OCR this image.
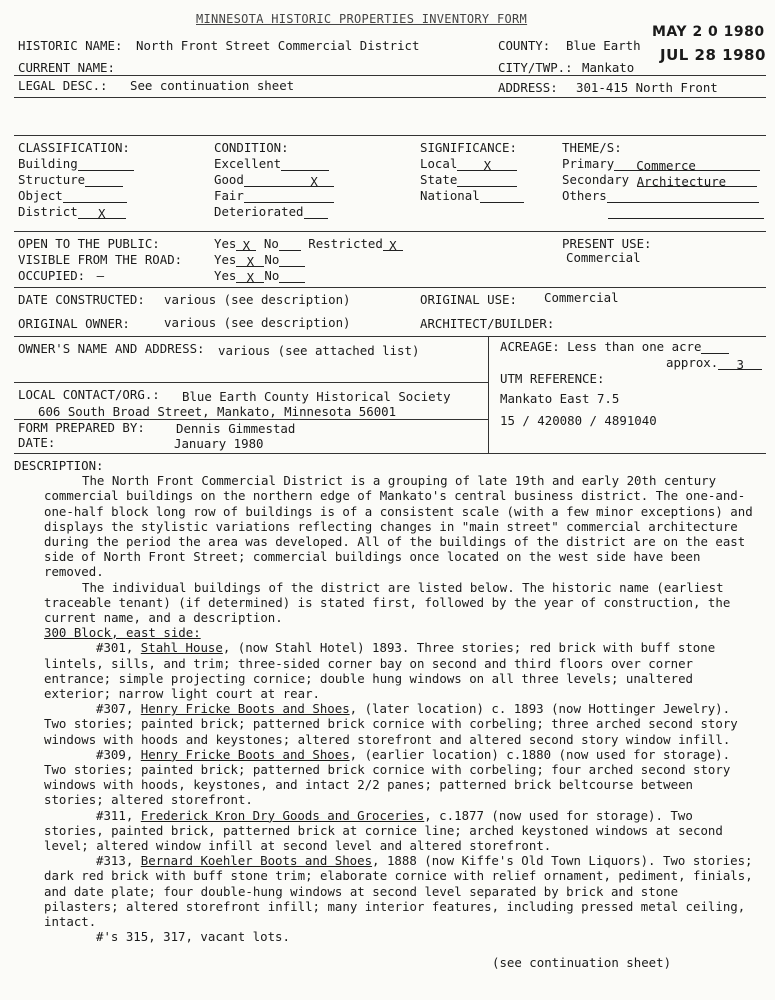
MINNESOTA HISTORIC PROPERTIES INVENTORY FORM
MAY 2 0 1980
JUL 28 1980
HISTORIC NAME: North Front Street Commercial District	COUNTY: Blue Earth
CURRENT NAME:	CITY/TWP.: Mankato
LEGAL DESC.: See continuation sheet	ADDRESS: 301-415 North Front
CLASSIFICATION:
Building
Structure
Object
District X
CONDITION:
Excellent
Good	X
Fair
Deteriorated
SIGNIFICANCE:
Local X
State
National
THEME/S:
Primary Commerce
Secondary Architecture
Others
OPEN TO THE PUBLIC:	Yes X No Restricted X
VISIBLE FROM THE ROAD:	Yes X No
OCCUPIED: —	Yes X No
PRESENT USE:
Commercial
DATE CONSTRUCTED: various (see description)	ORIGINAL USE: Commercial
ORIGINAL OWNER:	various (see description)	ARCHITECT/BUILDER:
OWNER'S NAME AND ADDRESS: various (see attached list)	ACREAGE: Less than one acre
approx. 3
UTM REFERENCE:
Mankato East 7.5
15 / 420080 / 4891040
LOCAL CONTACT/ORG.: Blue Earth County Historical Society
606 South Broad Street, Mankato, Minnesota 56001
FORM PREPARED BY:	Dennis Gimmestad
DATE:	January 1980

DESCRIPTION:

The North Front Commercial District is a grouping of late 19th and early 20th century commercial buildings on the northern edge of Mankato's central business district. The one-and-one-half block long row of buildings is of a consistent scale (with a few minor exceptions) and displays the stylistic variations reflecting changes in "main street" commercial architecture during the period the area was developed. All of the buildings of the district are on the east side of North Front Street; commercial buildings once located on the west side have been removed.

The individual buildings of the district are listed below. The historic name (earliest traceable tenant) (if determined) is stated first, followed by the year of construction, the current name, and a description.

300 Block, east side:

#301, Stahl House, (now Stahl Hotel) 1893. Three stories; red brick with buff stone lintels, sills, and trim; three-sided corner bay on second and third floors over corner entrance; simple projecting cornice; double hung windows on all three levels; unaltered exterior; narrow light court at rear.

#307, Henry Fricke Boots and Shoes, (later location) c. 1893 (now Hottinger Jewelry). Two stories; painted brick; patterned brick cornice with corbeling; three arched second story windows with hoods and keystones; altered storefront and altered second story window infill.

#309, Henry Fricke Boots and Shoes, (earlier location) c.1880 (now used for storage). Two stories; painted brick; patterned brick cornice with corbeling; four arched second story windows with hoods, keystones, and intact 2/2 panes; patterned brick beltcourse between stories; altered storefront.

#311, Frederick Kron Dry Goods and Groceries, c.1877 (now used for storage). Two stories, painted brick, patterned brick at cornice line; arched keystoned windows at second level; altered window infill at second level and altered storefront.

#313, Bernard Koehler Boots and Shoes, 1888 (now Kiffe's Old Town Liquors). Two stories; dark red brick with buff stone trim; elaborate cornice with relief ornament, pediment, finials, and date plate; four double-hung windows at second level separated by brick and stone pilasters; altered storefront infill; many interior features, including pressed metal ceiling, intact.

#'s 315, 317, vacant lots.

(see continuation sheet)
